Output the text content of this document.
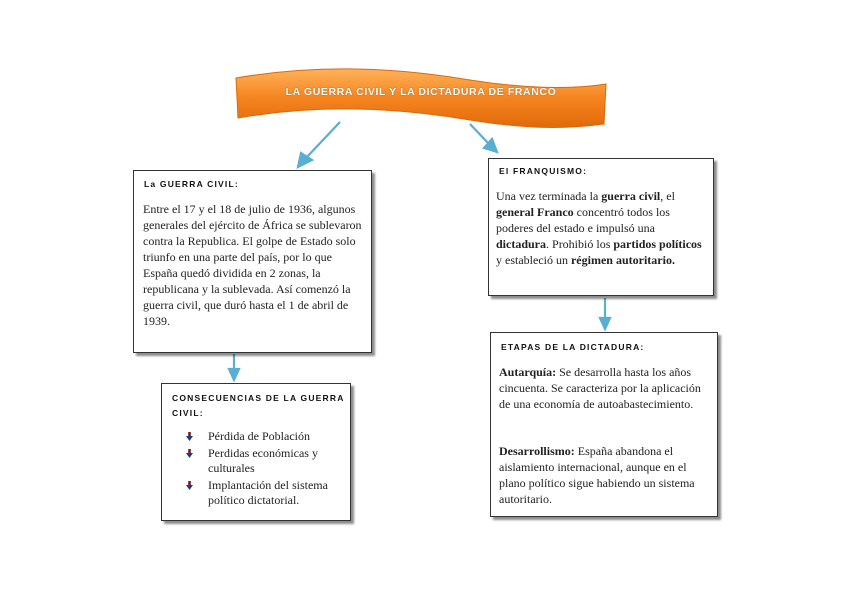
LA GUERRA CIVIL Y LA DICTADURA DE FRANCO
La GUERRA CIVIL:
Entre el 17 y el 18 de julio de 1936, algunos generales del ejército de África se sublevaron contra la Republica. El golpe de Estado solo triunfo en una parte del país, por lo que España quedó dividida en 2 zonas, la republicana y la sublevada. Así comenzó la guerra civil, que duró hasta el 1 de abril de 1939.
CONSECUENCIAS DE LA GUERRA CIVIL:
Pérdida de Población
Perdidas económicas y culturales
Implantación del sistema político dictatorial.
El FRANQUISMO:
Una vez terminada la guerra civil, el general Franco concentró todos los poderes del estado e impulsó una dictadura. Prohibió los partidos políticos y estableció un régimen autoritario.
ETAPAS DE LA DICTADURA:
Autarquía: Se desarrolla hasta los años cincuenta. Se caracteriza por la aplicación de una economía de autoabastecimiento.
Desarrollismo: España abandona el aislamiento internacional, aunque en el plano político sigue habiendo un sistema autoritario.
